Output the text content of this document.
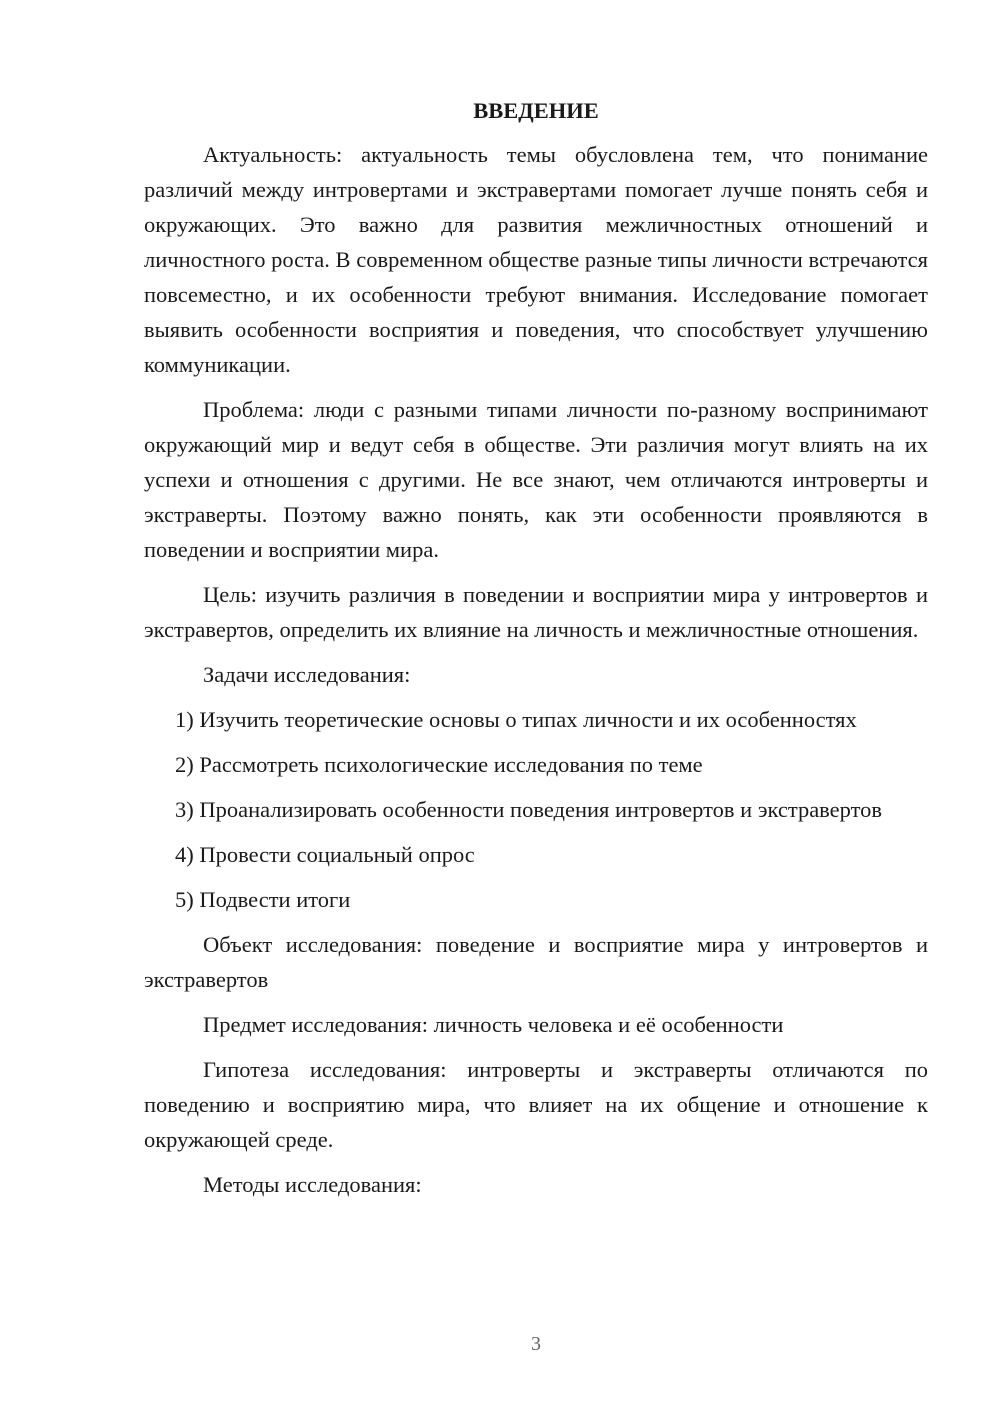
ВВЕДЕНИЕ

Актуальность: актуальность темы обусловлена тем, что понимание различий между интровертами и экстравертами помогает лучше понять себя и окружающих. Это важно для развития межличностных отношений и личностного роста. В современном обществе разные типы личности встречаются повсеместно, и их особенности требуют внимания. Исследование помогает выявить особенности восприятия и поведения, что способствует улучшению коммуникации.

Проблема: люди с разными типами личности по-разному воспринимают окружающий мир и ведут себя в обществе. Эти различия могут влиять на их успехи и отношения с другими. Не все знают, чем отличаются интроверты и экстраверты. Поэтому важно понять, как эти особенности проявляются в поведении и восприятии мира.

Цель: изучить различия в поведении и восприятии мира у интровертов и экстравертов, определить их влияние на личность и межличностные отношения.

Задачи исследования:

1) Изучить теоретические основы о типах личности и их особенностях

2) Рассмотреть психологические исследования по теме

3) Проанализировать особенности поведения интровертов и экстравертов

4) Провести социальный опрос

5) Подвести итоги

Объект исследования: поведение и восприятие мира у интровертов и экстравертов

Предмет исследования: личность человека и её особенности

Гипотеза исследования: интроверты и экстраверты отличаются по поведению и восприятию мира, что влияет на их общение и отношение к окружающей среде.

Методы исследования:

3
